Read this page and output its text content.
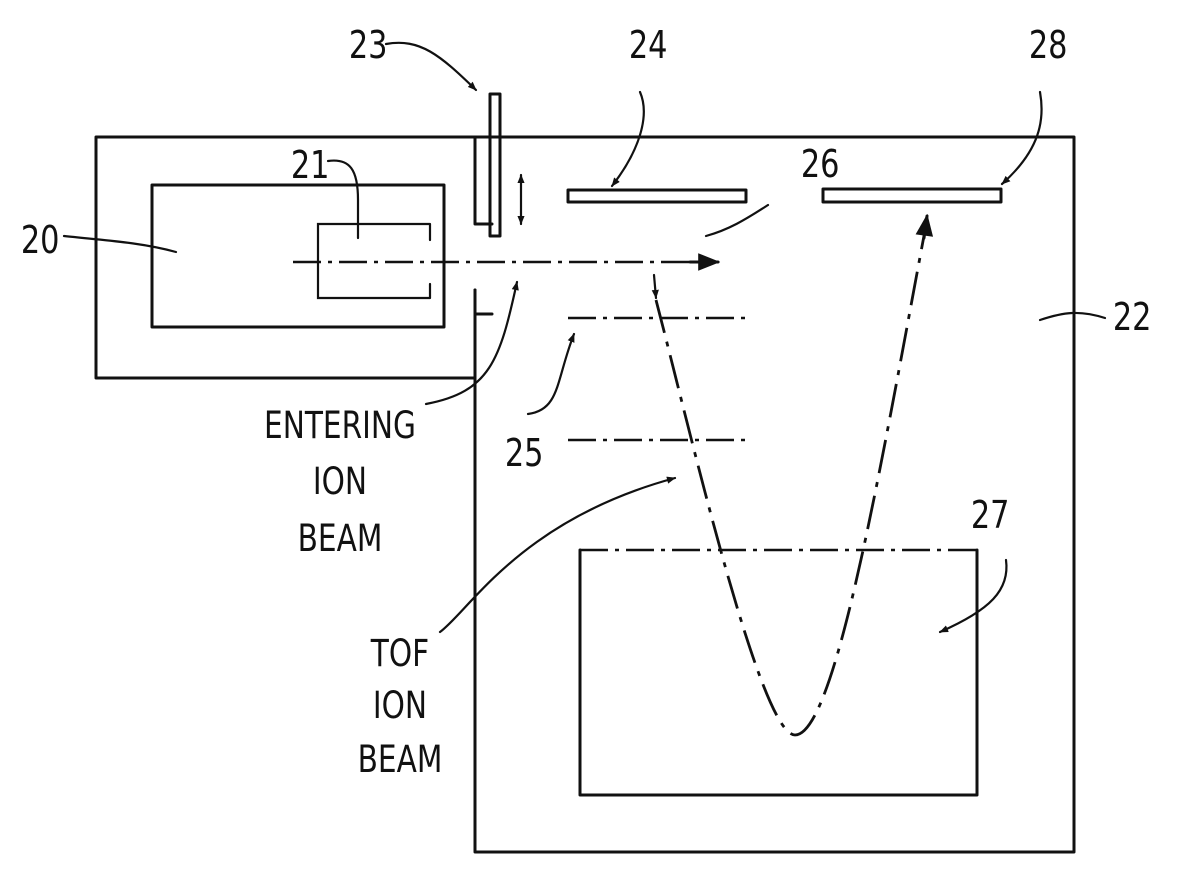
20
21
22
23	24
25
26
27
28
ENTERING
ION
BEAM
TOF
ION
BEAM
